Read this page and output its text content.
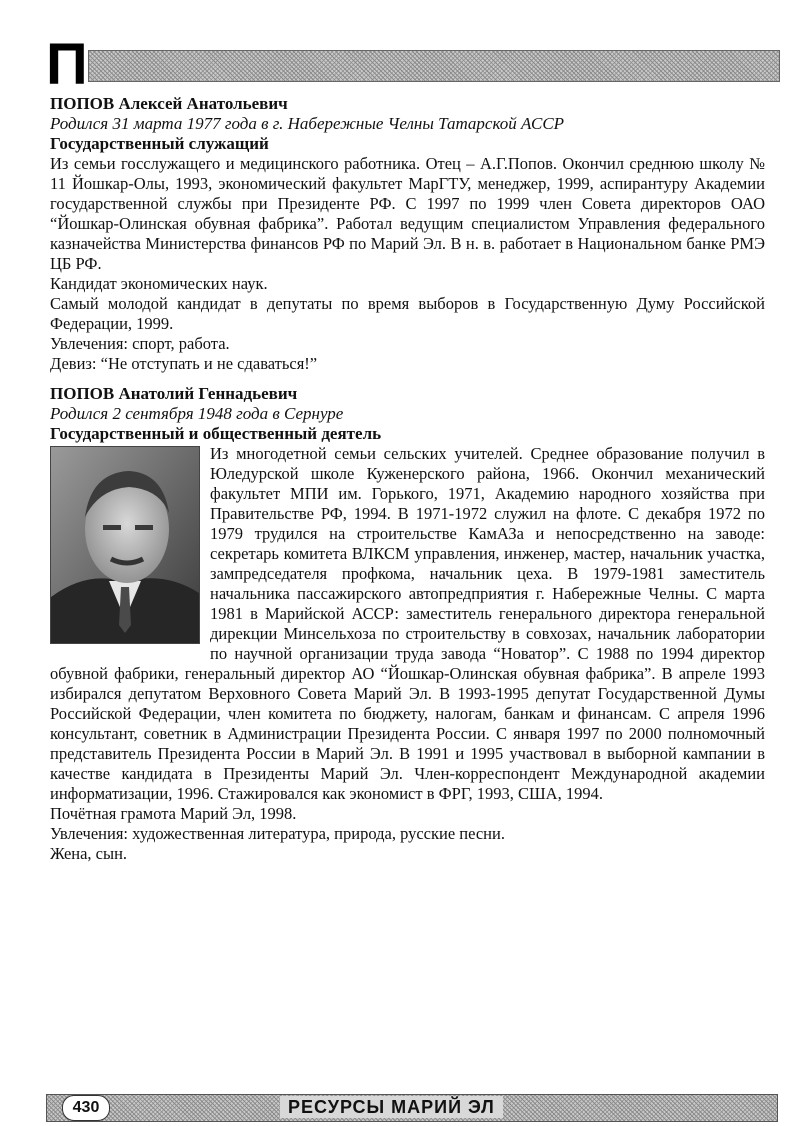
П
ПОПОВ Алексей Анатольевич
Родился 31 марта 1977 года в г. Набережные Челны Татарской АССР
Государственный служащий

Из семьи госслужащего и медицинского работника. Отец – А.Г.Попов. Окончил среднюю школу № 11 Йошкар-Олы, 1993, экономический факультет МарГТУ, менеджер, 1999, аспирантуру Академии государственной службы при Президенте РФ. С 1997 по 1999 член Совета директоров ОАО “Йошкар-Олинская обувная фабрика”. Работал ведущим специалистом Управления федерального казначейства Министерства финансов РФ по Марий Эл. В н. в. работает в Национальном банке РМЭ ЦБ РФ.

Кандидат экономических наук.

Самый молодой кандидат в депутаты по время выборов в Государственную Думу Российской Федерации, 1999.

Увлечения: спорт, работа.

Девиз: “Не отступать и не сдаваться!”

ПОПОВ Анатолий Геннадьевич
Родился 2 сентября 1948 года в Сернуре
Государственный и общественный деятель

Из многодетной семьи сельских учителей. Среднее образование получил в Юледурской школе Куженерского района, 1966. Окончил механический факультет МПИ им. Горького, 1971, Академию народного хозяйства при Правительстве РФ, 1994. В 1971-1972 служил на флоте. С декабря 1972 по 1979 трудился на строительстве КамАЗа и непосредственно на заводе: секретарь комитета ВЛКСМ управления, инженер, мастер, начальник участка, зампредседателя профкома, начальник цеха. В 1979-1981 заместитель начальника пассажирского автопредприятия г. Набережные Челны. С марта 1981 в Марийской АССР: заместитель генерального директора генеральной дирекции Минсельхоза по строительству в совхозах, начальник лаборатории по научной организации труда завода “Новатор”. С 1988 по 1994 директор обувной фабрики, генеральный директор АО “Йошкар-Олинская обувная фабрика”. В апреле 1993 избирался депутатом Верховного Совета Марий Эл. В 1993-1995 депутат Государственной Думы Российской Федерации, член комитета по бюджету, налогам, банкам и финансам. С апреля 1996 консультант, советник в Администрации Президента России. С января 1997 по 2000 полномочный представитель Президента России в Марий Эл. В 1991 и 1995 участвовал в выборной кампании в качестве кандидата в Президенты Марий Эл. Член-корреспондент Международной академии информатизации, 1996. Стажировался как экономист в ФРГ, 1993, США, 1994.

Почётная грамота Марий Эл, 1998.

Увлечения: художественная литература, природа, русские песни.

Жена, сын.

430	РЕСУРСЫ МАРИЙ ЭЛ
